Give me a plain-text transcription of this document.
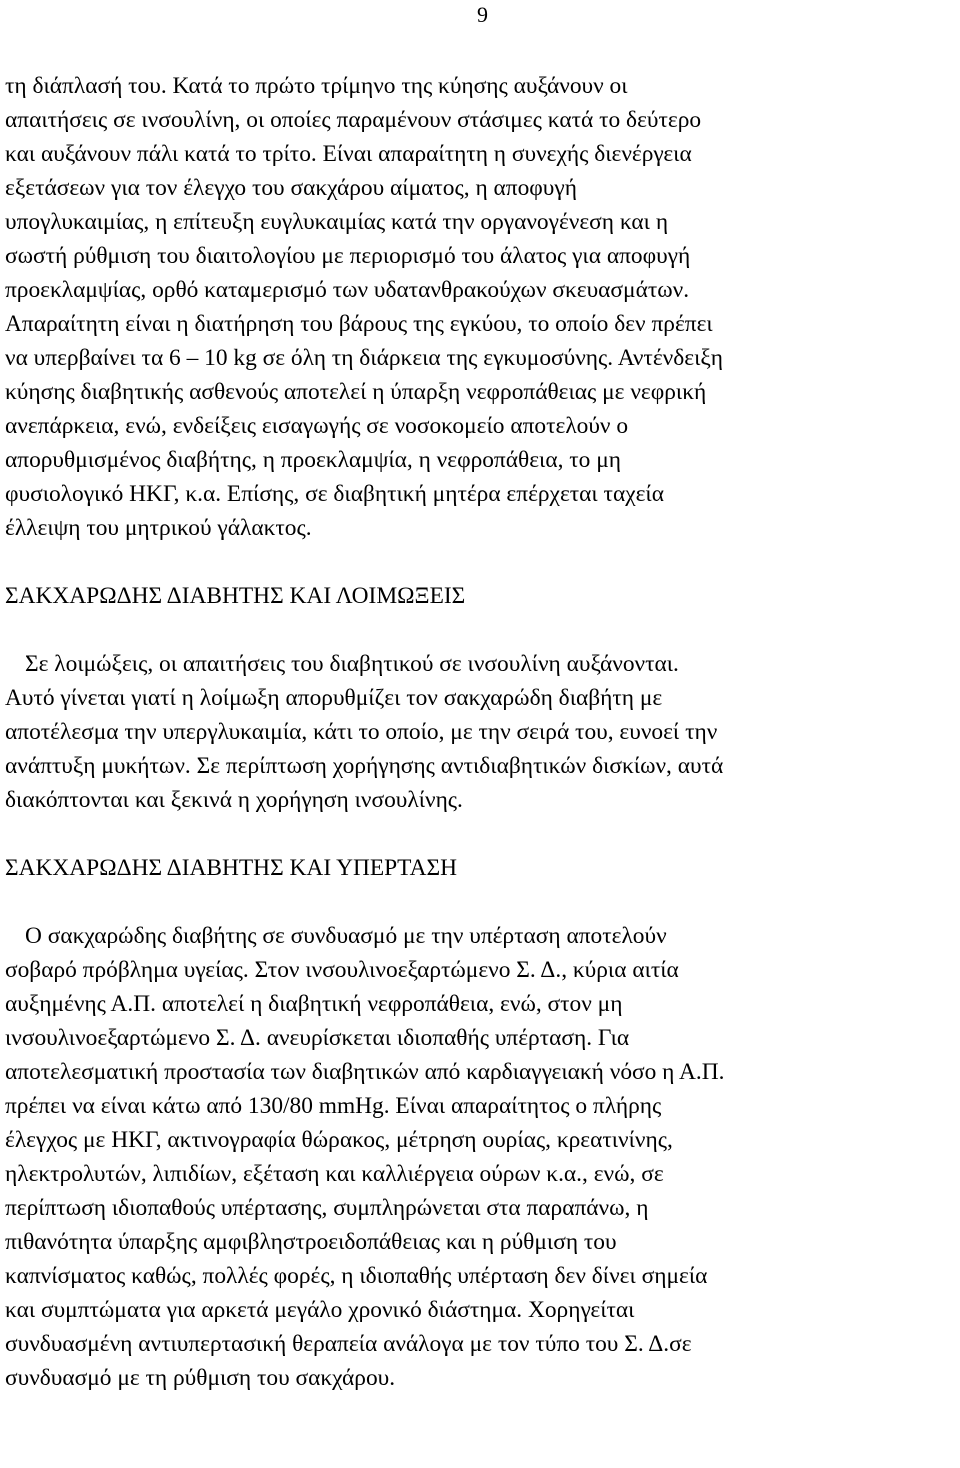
9
τη διάπλασή του. Κατά το πρώτο τρίμηνο της κύησης αυξάνουν οι
απαιτήσεις σε ινσουλίνη, οι οποίες παραμένουν στάσιμες κατά το δεύτερο
και αυξάνουν πάλι κατά το τρίτο. Είναι απαραίτητη η συνεχής διενέργεια
εξετάσεων για τον έλεγχο του σακχάρου αίματος, η αποφυγή
υπογλυκαιμίας, η επίτευξη ευγλυκαιμίας κατά την οργανογένεση και η
σωστή ρύθμιση του διαιτολογίου με περιορισμό του άλατος για αποφυγή
προεκλαμψίας, ορθό καταμερισμό των υδατανθρακούχων σκευασμάτων.
Απαραίτητη είναι η διατήρηση του βάρους της εγκύου, το οποίο δεν πρέπει
να υπερβαίνει τα 6 – 10 kg σε όλη τη διάρκεια της εγκυμοσύνης. Αντένδειξη
κύησης διαβητικής ασθενούς αποτελεί η ύπαρξη νεφροπάθειας με νεφρική
ανεπάρκεια, ενώ, ενδείξεις εισαγωγής σε νοσοκομείο αποτελούν ο
απορυθμισμένος διαβήτης, η προεκλαμψία, η νεφροπάθεια, το μη
φυσιολογικό ΗΚΓ, κ.α. Επίσης, σε διαβητική μητέρα επέρχεται ταχεία
έλλειψη του μητρικού γάλακτος.
ΣΑΚΧΑΡΩΔΗΣ ΔΙΑΒΗΤΗΣ ΚΑΙ ΛΟΙΜΩΞΕΙΣ
Σε λοιμώξεις, οι απαιτήσεις του διαβητικού σε ινσουλίνη αυξάνονται.
Αυτό γίνεται γιατί η λοίμωξη απορυθμίζει τον σακχαρώδη διαβήτη με
αποτέλεσμα την υπεργλυκαιμία, κάτι το οποίο, με την σειρά του, ευνοεί την
ανάπτυξη μυκήτων. Σε περίπτωση χορήγησης αντιδιαβητικών δισκίων, αυτά
διακόπτονται και ξεκινά η χορήγηση ινσουλίνης.
ΣΑΚΧΑΡΩΔΗΣ ΔΙΑΒΗΤΗΣ ΚΑΙ ΥΠΕΡΤΑΣΗ
Ο σακχαρώδης διαβήτης σε συνδυασμό με την υπέρταση αποτελούν
σοβαρό πρόβλημα υγείας. Στον ινσουλινοεξαρτώμενο Σ. Δ., κύρια αιτία
αυξημένης Α.Π. αποτελεί η διαβητική νεφροπάθεια, ενώ, στον μη
ινσουλινοεξαρτώμενο Σ. Δ. ανευρίσκεται ιδιοπαθής υπέρταση. Για
αποτελεσματική προστασία των διαβητικών από καρδιαγγειακή νόσο η Α.Π.
πρέπει να είναι κάτω από 130/80 mmHg. Είναι απαραίτητος ο πλήρης
έλεγχος με ΗΚΓ, ακτινογραφία θώρακος, μέτρηση ουρίας, κρεατινίνης,
ηλεκτρολυτών, λιπιδίων, εξέταση και καλλιέργεια ούρων κ.α., ενώ, σε
περίπτωση ιδιοπαθούς υπέρτασης, συμπληρώνεται στα παραπάνω, η
πιθανότητα ύπαρξης αμφιβληστροειδοπάθειας και η ρύθμιση του
καπνίσματος καθώς, πολλές φορές, η ιδιοπαθής υπέρταση δεν δίνει σημεία
και συμπτώματα για αρκετά μεγάλο χρονικό διάστημα. Χορηγείται
συνδυασμένη αντιυπερτασική θεραπεία ανάλογα με τον τύπο του Σ. Δ.σε
συνδυασμό με τη ρύθμιση του σακχάρου.
